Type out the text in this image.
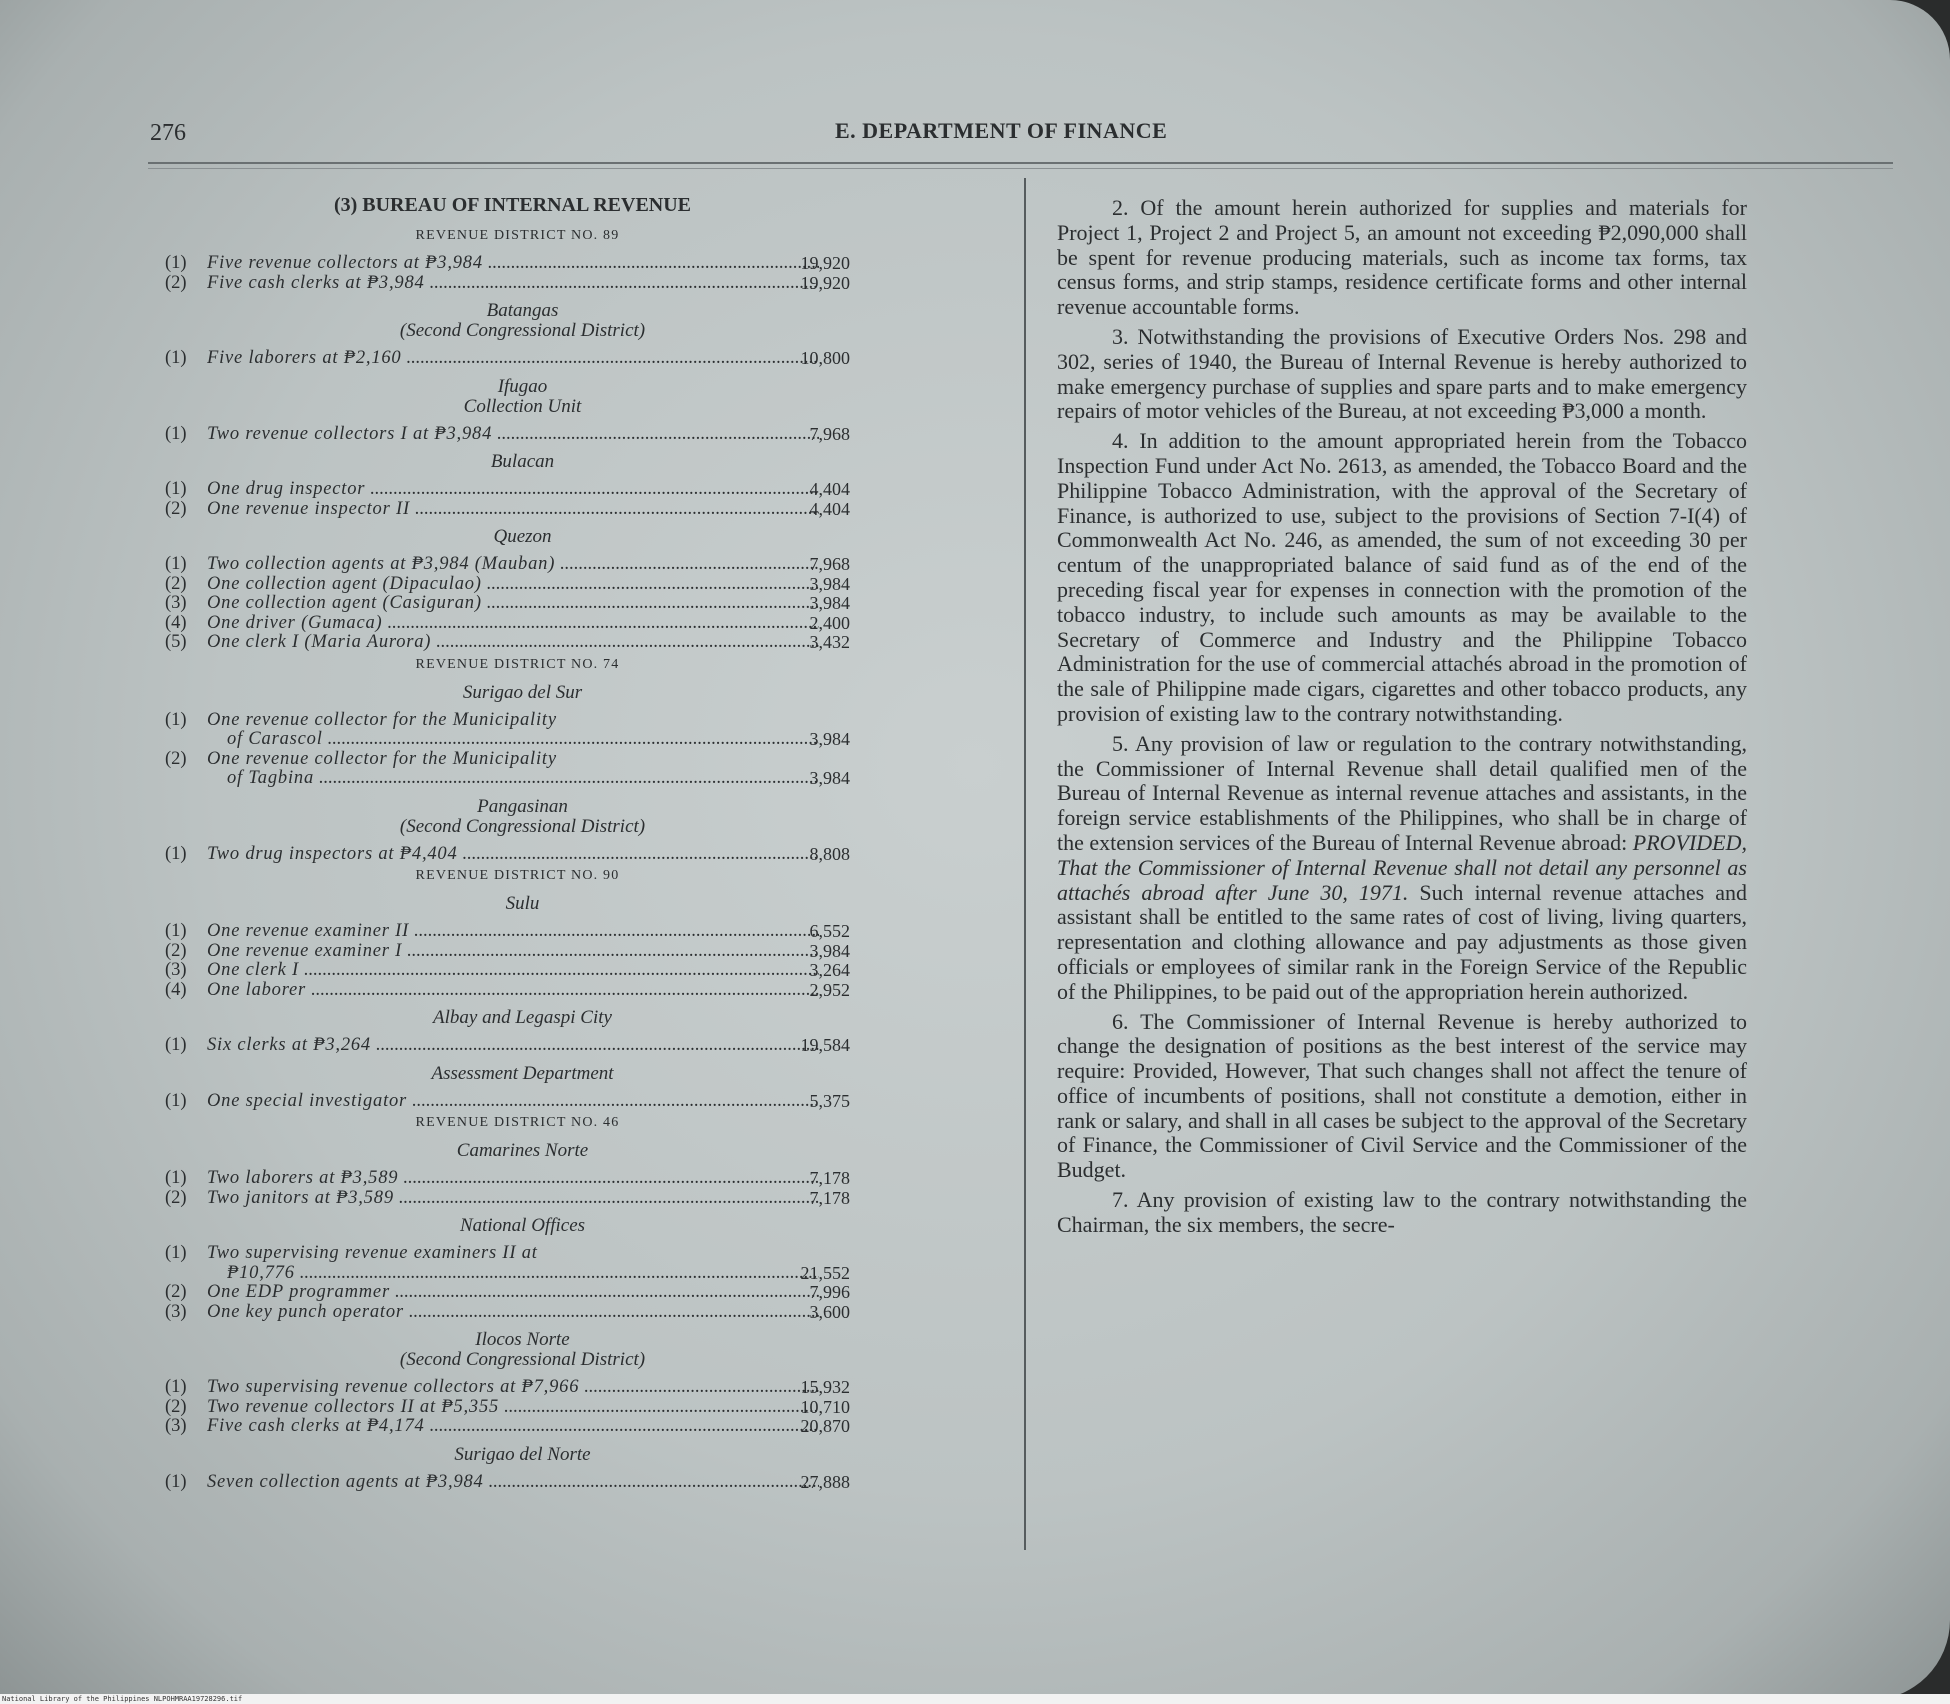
276	E. DEPARTMENT OF FINANCE
(3) BUREAU OF INTERNAL REVENUE
REVENUE DISTRICT NO. 89
(1) Five revenue collectors at ₱3,984 .....	19,920
(2) Five cash clerks at ₱3,984 .....	19,920
Batangas
(Second Congressional District)
(1) Five laborers at ₱2,160 .....	10,800
Ifugao
Collection Unit
(1) Two revenue collectors I at ₱3,984 .....	7,968
Bulacan
(1) One drug inspector .....	4,404
(2) One revenue inspector II .....	4,404
Quezon
(1) Two collection agents at ₱3,984 (Mauban) .....	7,968
(2) One collection agent (Dipaculao) .....	3,984
(3) One collection agent (Casiguran) .....	3,984
(4) One driver (Gumaca) .....	2,400
(5) One clerk I (Maria Aurora) .....	3,432
REVENUE DISTRICT NO. 74
Surigao del Sur
(1) One revenue collector for the Municipality
of Carascol .....	3,984
(2) One revenue collector for the Municipality
of Tagbina .....	3,984
Pangasinan
(Second Congressional District)
(1) Two drug inspectors at ₱4,404 .....	8,808
REVENUE DISTRICT NO. 90
Sulu
(1) One revenue examiner II .....	6,552
(2) One revenue examiner I .....	3,984
(3) One clerk I .....	3,264
(4) One laborer .....	2,952
Albay and Legaspi City
(1) Six clerks at ₱3,264 .....	19,584
Assessment Department
(1) One special investigator .....	5,375
REVENUE DISTRICT NO. 46
Camarines Norte
(1) Two laborers at ₱3,589 .....	7,178
(2) Two janitors at ₱3,589 .....	7,178
National Offices
(1) Two supervising revenue examiners II at
₱10,776 .....	21,552
(2) One EDP programmer .....	7,996
(3) One key punch operator .....	3,600
Ilocos Norte
(Second Congressional District)
(1) Two supervising revenue collectors at ₱7,966 .....	15,932
(2) Two revenue collectors II at ₱5,355 .....	10,710
(3) Five cash clerks at ₱4,174 .....	20,870
Surigao del Norte
(1) Seven collection agents at ₱3,984 .....	27,888

2. Of the amount herein authorized for supplies and materials for Project 1, Project 2 and Project 5, an amount not exceeding ₱2,090,000 shall be spent for revenue producing materials, such as income tax forms, tax census forms, and strip stamps, residence certificate forms and other internal revenue accountable forms.

3. Notwithstanding the provisions of Executive Orders Nos. 298 and 302, series of 1940, the Bureau of Internal Revenue is hereby authorized to make emergency purchase of supplies and spare parts and to make emergency repairs of motor vehicles of the Bureau, at not exceeding ₱3,000 a month.

4. In addition to the amount appropriated herein from the Tobacco Inspection Fund under Act No. 2613, as amended, the Tobacco Board and the Philippine Tobacco Administration, with the approval of the Secretary of Finance, is authorized to use, subject to the provisions of Section 7-I(4) of Commonwealth Act No. 246, as amended, the sum of not exceeding 30 per centum of the unappropriated balance of said fund as of the end of the preceding fiscal year for expenses in connection with the promotion of the tobacco industry, to include such amounts as may be available to the Secretary of Commerce and Industry and the Philippine Tobacco Administration for the use of commercial attachés abroad in the promotion of the sale of Philippine made cigars, cigarettes and other tobacco products, any provision of existing law to the contrary notwithstanding.

5. Any provision of law or regulation to the contrary notwithstanding, the Commissioner of Internal Revenue shall detail qualified men of the Bureau of Internal Revenue as internal revenue attaches and assistants, in the foreign service establishments of the Philippines, who shall be in charge of the extension services of the Bureau of Internal Revenue abroad: PROVIDED, That the Commissioner of Internal Revenue shall not detail any personnel as attachés abroad after June 30, 1971. Such internal revenue attaches and assistant shall be entitled to the same rates of cost of living, living quarters, representation and clothing allowance and pay adjustments as those given officials or employees of similar rank in the Foreign Service of the Republic of the Philippines, to be paid out of the appropriation herein authorized.

6. The Commissioner of Internal Revenue is hereby authorized to change the designation of positions as the best interest of the service may require: Provided, However, That such changes shall not affect the tenure of office of incumbents of positions, shall not constitute a demotion, either in rank or salary, and shall in all cases be subject to the approval of the Secretary of Finance, the Commissioner of Civil Service and the Commissioner of the Budget.

7. Any provision of existing law to the contrary notwithstanding the Chairman, the six members, the secre-

National Library of the Philippines NLPOHMRAA19728296.tif
